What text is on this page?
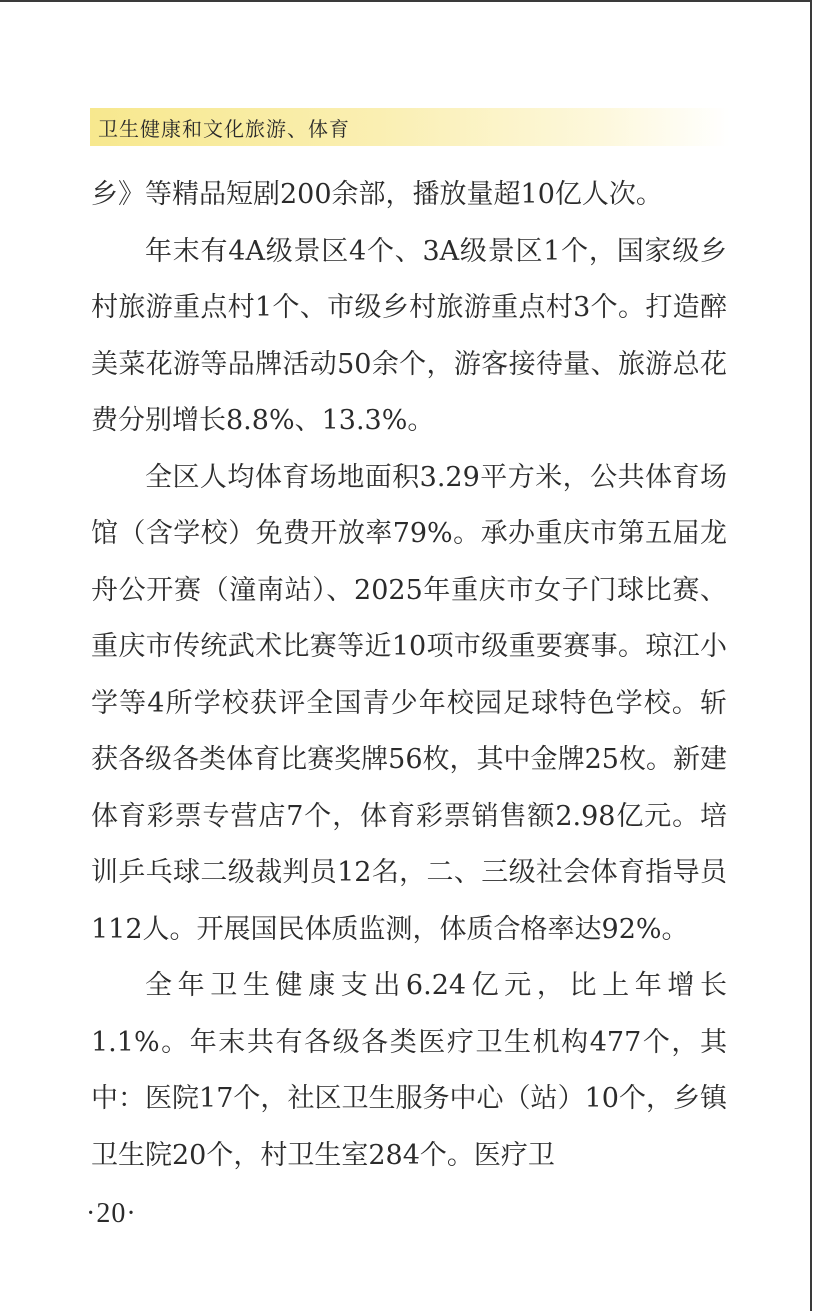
卫生健康和文化旅游、体育

乡》等精品短剧200余部，播放量超10亿人次。

年末有4A级景区4个、3A级景区1个，国家级乡村旅游重点村1个、市级乡村旅游重点村3个。打造醉美菜花游等品牌活动50余个，游客接待量、旅游总花费分别增长8.8%、13.3%。

全区人均体育场地面积3.29平方米，公共体育场馆（含学校）免费开放率79%。承办重庆市第五届龙舟公开赛（潼南站）、2025年重庆市女子门球比赛、重庆市传统武术比赛等近10项市级重要赛事。琼江小学等4所学校获评全国青少年校园足球特色学校。斩获各级各类体育比赛奖牌56枚，其中金牌25枚。新建体育彩票专营店7个，体育彩票销售额2.98亿元。培训乒乓球二级裁判员12名，二、三级社会体育指导员112人。开展国民体质监测，体质合格率达92%。

全年卫生健康支出6.24亿元，比上年增长1.1%。年末共有各级各类医疗卫生机构477个，其中：医院17个，社区卫生服务中心（站）10个，乡镇卫生院20个，村卫生室284个。医疗卫

·20·
